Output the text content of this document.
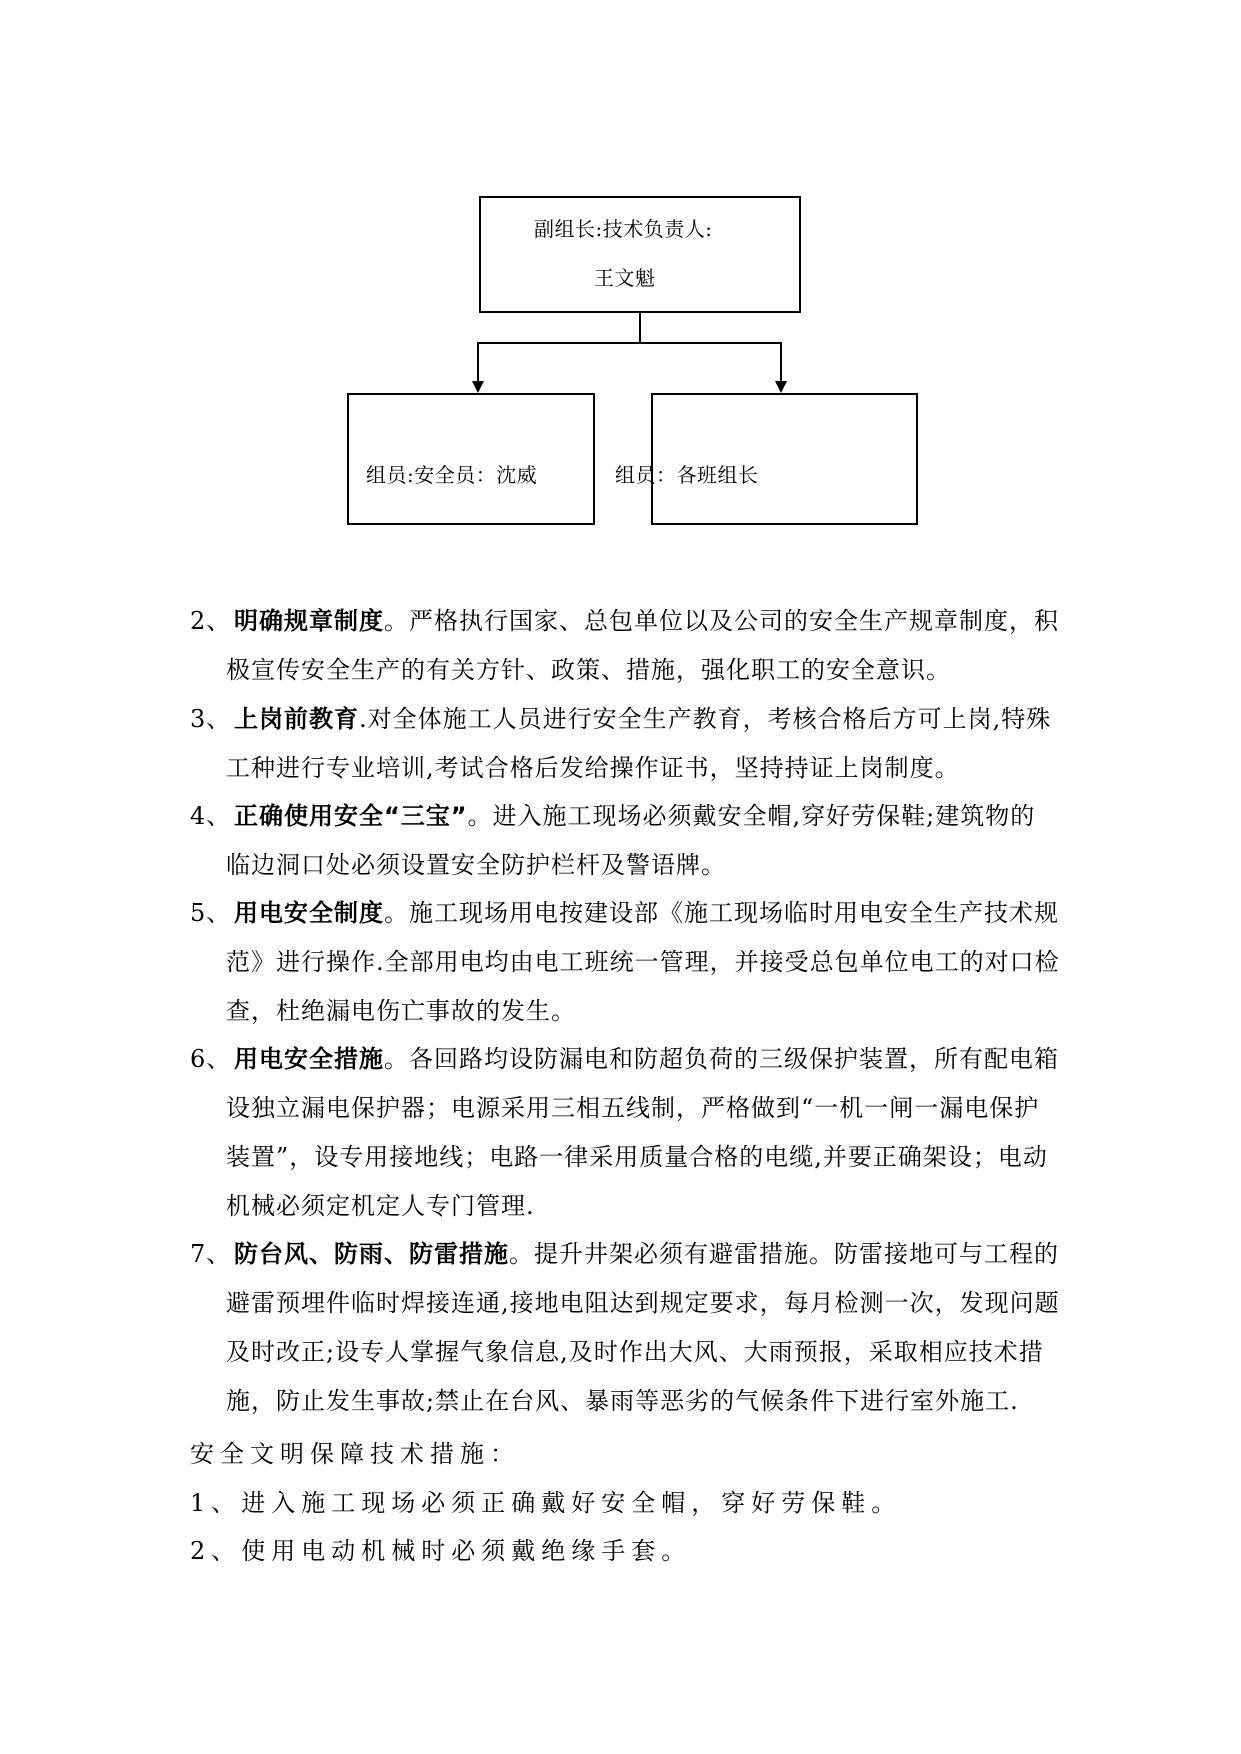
副组长:技术负责人:
王文魁
组员:安全员：沈威	组员：各班组长
2、 明确规章制度。严格执行国家、总包单位以及公司的安全生产规章制度，积
极宣传安全生产的有关方针、政策、措施，强化职工的安全意识。
3、 上岗前教育.对全体施工人员进行安全生产教育，考核合格后方可上岗,特殊
工种进行专业培训,考试合格后发给操作证书，坚持持证上岗制度。
4、 正确使用安全“三宝”。进入施工现场必须戴安全帽,穿好劳保鞋;建筑物的
临边洞口处必须设置安全防护栏杆及警语牌。
5、 用电安全制度。施工现场用电按建设部《施工现场临时用电安全生产技术规
范》进行操作.全部用电均由电工班统一管理，并接受总包单位电工的对口检
查，杜绝漏电伤亡事故的发生。
6、 用电安全措施。各回路均设防漏电和防超负荷的三级保护装置，所有配电箱
设独立漏电保护器；电源采用三相五线制，严格做到“一机一闸一漏电保护
装置”，设专用接地线；电路一律采用质量合格的电缆,并要正确架设；电动
机械必须定机定人专门管理.
7、 防台风、防雨、防雷措施。提升井架必须有避雷措施。防雷接地可与工程的
避雷预埋件临时焊接连通,接地电阻达到规定要求，每月检测一次，发现问题
及时改正;设专人掌握气象信息,及时作出大风、大雨预报，采取相应技术措
施，防止发生事故;禁止在台风、暴雨等恶劣的气候条件下进行室外施工.
安全文明保障技术措施：
1、进入施工现场必须正确戴好安全帽，穿好劳保鞋。
2、使用电动机械时必须戴绝缘手套。
